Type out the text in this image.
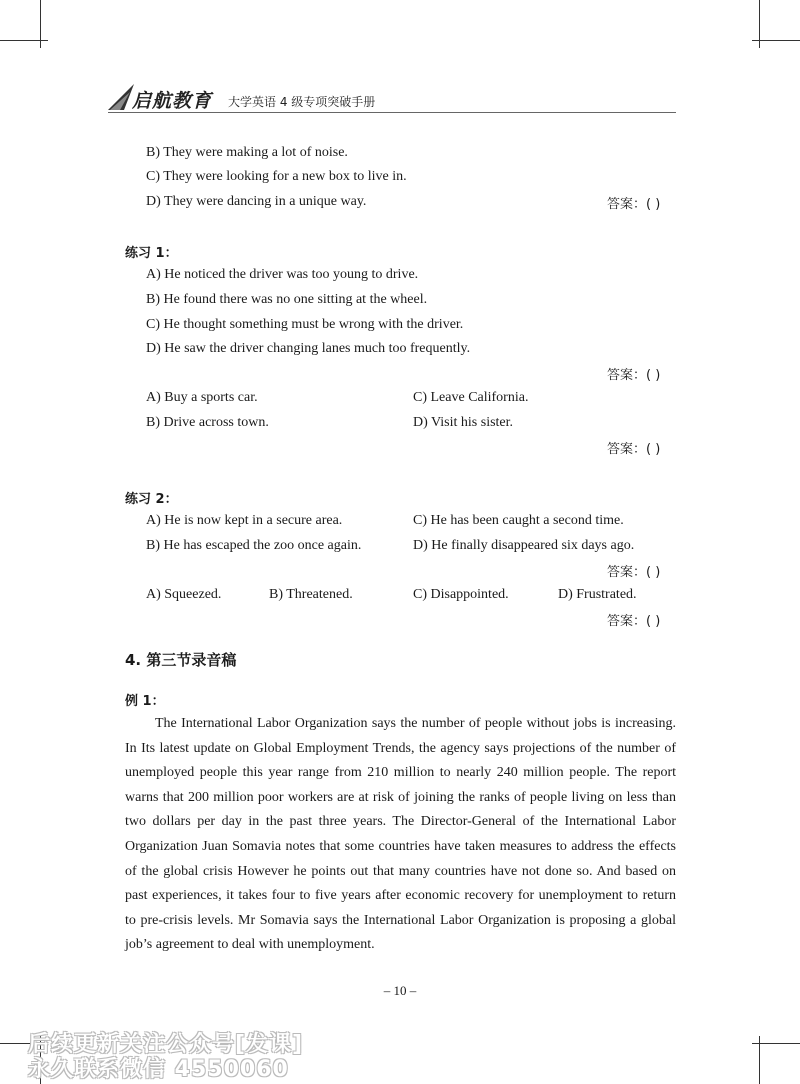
启航教育 大学英语 4 级专项突破手册
B) They were making a lot of noise.
C) They were looking for a new box to live in.
D) They were dancing in a unique way.	答案：( )
练习 1：
A) He noticed the driver was too young to drive.
B) He found there was no one sitting at the wheel.
C) He thought something must be wrong with the driver.
D) He saw the driver changing lanes much too frequently.
答案：( )
A) Buy a sports car.	C) Leave California.
B) Drive across town.	D) Visit his sister.
答案：( )
练习 2：
A) He is now kept in a secure area.	C) He has been caught a second time.
B) He has escaped the zoo once again.	D) He finally disappeared six days ago.
答案：( )
A) Squeezed.	B) Threatened.	C) Disappointed.	D) Frustrated.
答案：( )
4. 第三节录音稿
例 1：
The International Labor Organization says the number of people without jobs is increasing. In Its latest update on Global Employment Trends, the agency says projections of the number of unemployed people this year range from 210 million to nearly 240 million people. The report warns that 200 million poor workers are at risk of joining the ranks of people living on less than two dollars per day in the past three years. The Director-General of the International Labor Organization Juan Somavia notes that some countries have taken measures to address the effects of the global crisis However he points out that many countries have not done so. And based on past experiences, it takes four to five years after economic recovery for unemployment to return to pre-crisis levels. Mr Somavia says the International Labor Organization is proposing a global job’s agreement to deal with unemployment.
– 10 –
后续更新关注公众号[发课]
永久联系微信 4550060
